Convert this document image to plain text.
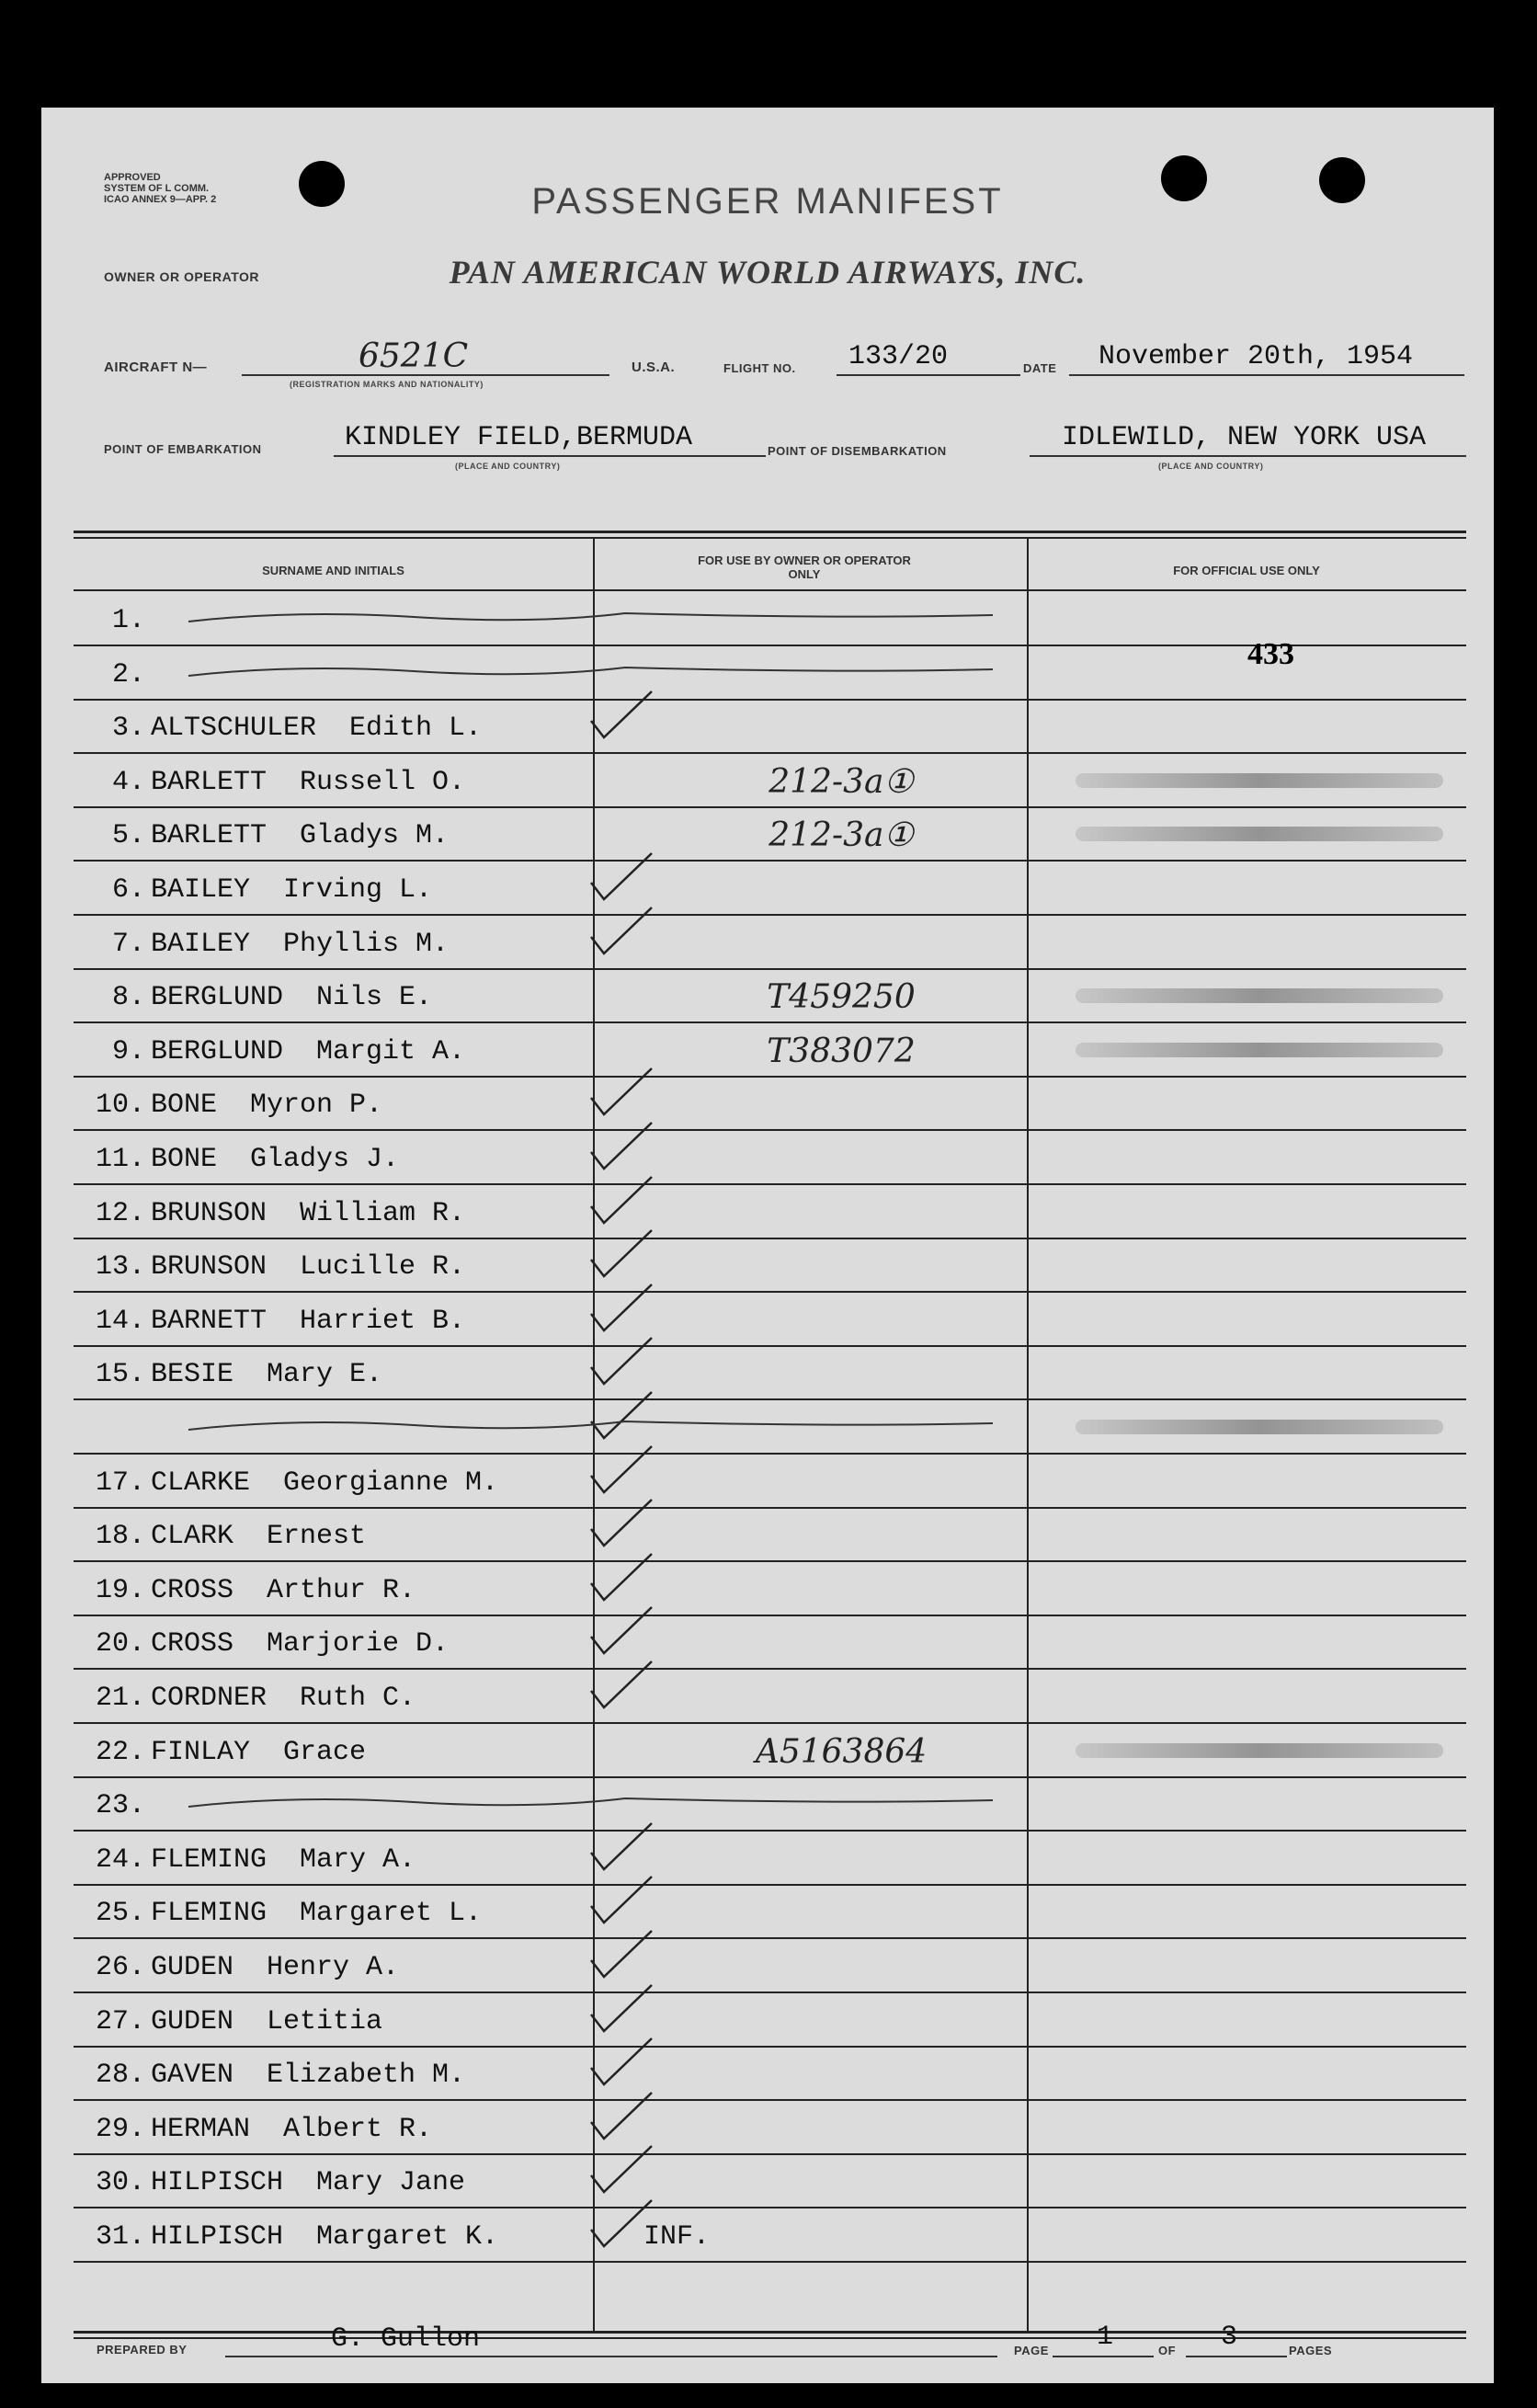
APPROVED
SYSTEM OF L COMM.
ICAO ANNEX 9—APP. 2	PASSENGER MANIFEST
OWNER OR OPERATOR	PAN AMERICAN WORLD AIRWAYS, INC.
AIRCRAFT N—	6521C
(REGISTRATION MARKS AND NATIONALITY)
U.S.A.	FLIGHT NO. 133/20	DATE November 20th, 1954
POINT OF EMBARKATION	KINDLEY FIELD,BERMUDA
(PLACE AND COUNTRY)
POINT OF DISEMBARKATION	IDLEWILD, NEW YORK USA
(PLACE AND COUNTRY)
SURNAME AND INITIALS
FOR USE BY OWNER OR OPERATOR ONLY	FOR OFFICIAL USE ONLY
1.
2.
433
3. ALTSCHULER  Edith L.
4. BARLETT  Russell O.	212-3a①
5. BARLETT  Gladys M.	212-3a①
6. BAILEY  Irving L.
7. BAILEY  Phyllis M.
8. BERGLUND  Nils E.	T459250
9. BERGLUND  Margit A.	T383072
10. BONE  Myron P.
11. BONE  Gladys J.
12. BRUNSON  William R.
13. BRUNSON  Lucille R.
14. BARNETT  Harriet B.
15. BESIE  Mary E.
17. CLARKE  Georgianne M.
18. CLARK  Ernest
19. CROSS  Arthur R.
20. CROSS  Marjorie D.
21. CORDNER  Ruth C.
22. FINLAY  Grace	A5163864
23.
24. FLEMING  Mary A.
25. FLEMING  Margaret L.
26. GUDEN  Henry A.
27. GUDEN  Letitia
28. GAVEN  Elizabeth M.
29. HERMAN  Albert R.
30. HILPISCH  Mary Jane
31. HILPISCH  Margaret K.	INF.
PREPARED BY	G. Gullon	PAGE 1	OF 3	PAGES
